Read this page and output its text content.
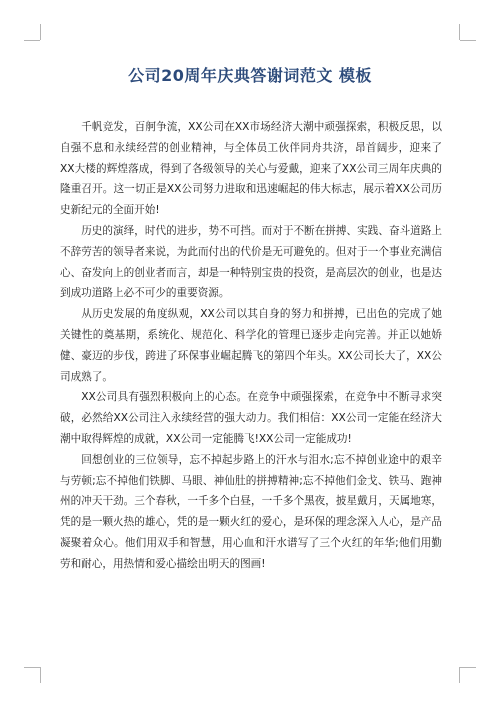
公司20周年庆典答谢词范文 模板

千帆竞发，百舸争流，XX公司在XX市场经济大潮中顽强探索，积极反思，以自强不息和永续经营的创业精神，与全体员工伙伴同舟共济，昂首阔步，迎来了XX大楼的辉煌落成，得到了各级领导的关心与爱戴，迎来了XX公司三周年庆典的隆重召开。这一切正是XX公司努力进取和迅速崛起的伟大标志，展示着XX公司历史新纪元的全面开始!

历史的演绎，时代的进步，势不可挡。而对于不断在拼搏、实践、奋斗道路上不辞劳苦的领导者来说，为此而付出的代价是无可避免的。但对于一个事业充满信心、奋发向上的创业者而言，却是一种特别宝贵的投资，是高层次的创业，也是达到成功道路上必不可少的重要资源。

从历史发展的角度纵观，XX公司以其自身的努力和拼搏，已出色的完成了她关键性的奠基期，系统化、规范化、科学化的管理已逐步走向完善。并正以她娇健、豪迈的步伐，跨进了环保事业崛起腾飞的第四个年头。XX公司长大了，XX公司成熟了。

XX公司具有强烈积极向上的心态。在竞争中顽强探索，在竞争中不断寻求突破，必然给XX公司注入永续经营的强大动力。我们相信：XX公司一定能在经济大潮中取得辉煌的成就，XX公司一定能腾飞!XX公司一定能成功!

回想创业的三位领导，忘不掉起步路上的汗水与泪水;忘不掉创业途中的艰辛与劳顿;忘不掉他们铁脚、马眼、神仙肚的拼搏精神;忘不掉他们金戈、铁马、跑神州的冲天干劲。三个春秋，一千多个白昼，一千多个黑夜，披星戴月，天属地寒，凭的是一颗火热的雄心，凭的是一颗火红的爱心，是环保的理念深入人心，是产品凝聚着众心。他们用双手和智慧，用心血和汗水谱写了三个火红的年华;他们用勤劳和耐心，用热情和爱心描绘出明天的图画!
